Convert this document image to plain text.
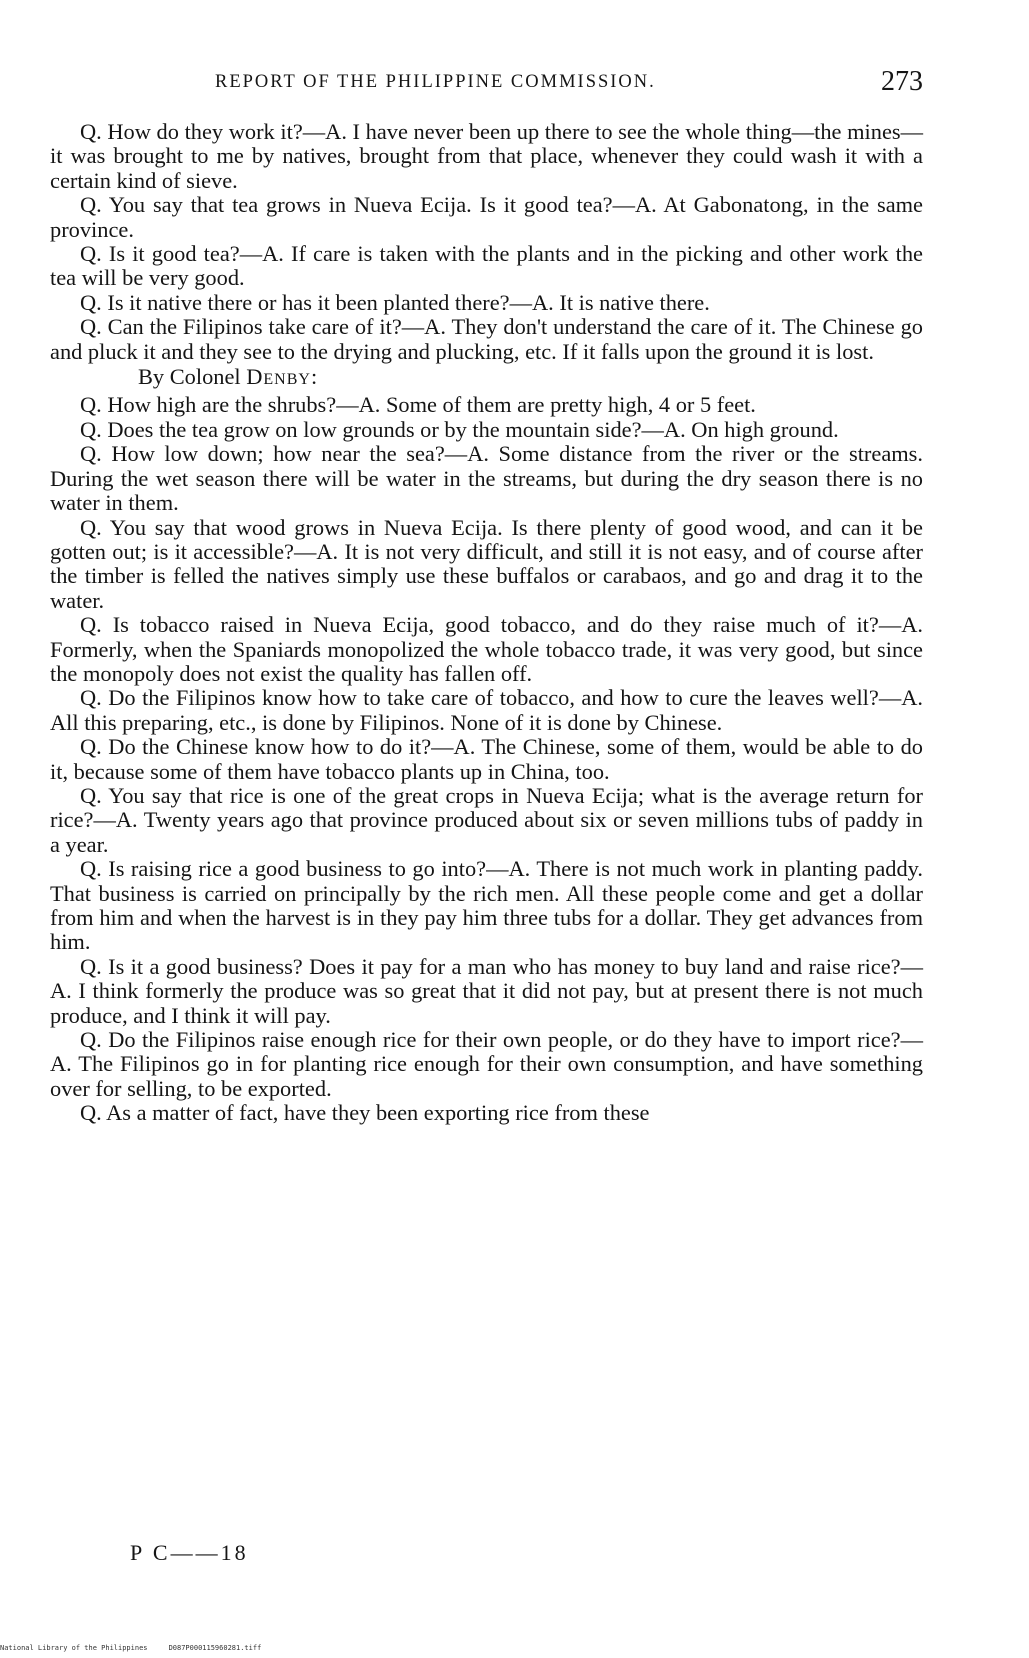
REPORT OF THE PHILIPPINE COMMISSION.	273

Q. How do they work it?—A. I have never been up there to see the whole thing—the mines—it was brought to me by natives, brought from that place, whenever they could wash it with a certain kind of sieve.

Q. You say that tea grows in Nueva Ecija. Is it good tea?—A. At Gabonatong, in the same province.

Q. Is it good tea?—A. If care is taken with the plants and in the picking and other work the tea will be very good.

Q. Is it native there or has it been planted there?—A. It is native there.

Q. Can the Filipinos take care of it?—A. They don't understand the care of it. The Chinese go and pluck it and they see to the drying and plucking, etc. If it falls upon the ground it is lost.

By Colonel Denby:

Q. How high are the shrubs?—A. Some of them are pretty high, 4 or 5 feet.

Q. Does the tea grow on low grounds or by the mountain side?—A. On high ground.

Q. How low down; how near the sea?—A. Some distance from the river or the streams. During the wet season there will be water in the streams, but during the dry season there is no water in them.

Q. You say that wood grows in Nueva Ecija. Is there plenty of good wood, and can it be gotten out; is it accessible?—A. It is not very difficult, and still it is not easy, and of course after the timber is felled the natives simply use these buffalos or carabaos, and go and drag it to the water.

Q. Is tobacco raised in Nueva Ecija, good tobacco, and do they raise much of it?—A. Formerly, when the Spaniards monopolized the whole tobacco trade, it was very good, but since the monopoly does not exist the quality has fallen off.

Q. Do the Filipinos know how to take care of tobacco, and how to cure the leaves well?—A. All this preparing, etc., is done by Filipinos. None of it is done by Chinese.

Q. Do the Chinese know how to do it?—A. The Chinese, some of them, would be able to do it, because some of them have tobacco plants up in China, too.

Q. You say that rice is one of the great crops in Nueva Ecija; what is the average return for rice?—A. Twenty years ago that province produced about six or seven millions tubs of paddy in a year.

Q. Is raising rice a good business to go into?—A. There is not much work in planting paddy. That business is carried on principally by the rich men. All these people come and get a dollar from him and when the harvest is in they pay him three tubs for a dollar. They get advances from him.

Q. Is it a good business? Does it pay for a man who has money to buy land and raise rice?—A. I think formerly the produce was so great that it did not pay, but at present there is not much produce, and I think it will pay.

Q. Do the Filipinos raise enough rice for their own people, or do they have to import rice?—A. The Filipinos go in for planting rice enough for their own consumption, and have something over for selling, to be exported.

Q. As a matter of fact, have they been exporting rice from these

P C——18
National Library of the Philippines     D087P000115960281.tiff
